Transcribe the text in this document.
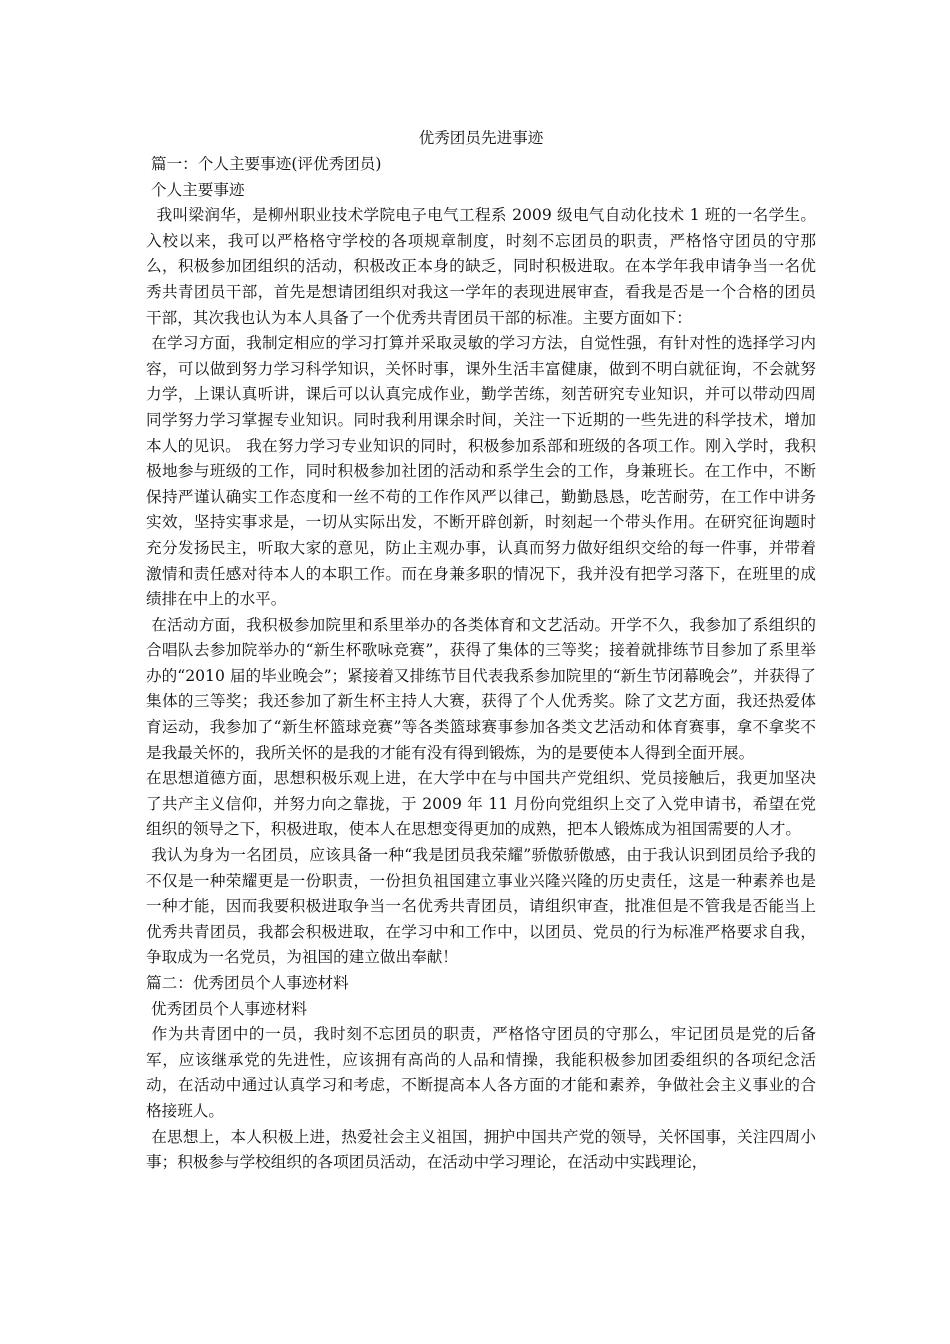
优秀团员先进事迹

篇一：个人主要事迹(评优秀团员)

个人主要事迹

我叫梁润华，是柳州职业技术学院电子电气工程系 2009 级电气自动化技术 1 班的一名学生。入校以来，我可以严格格守学校的各项规章制度，时刻不忘团员的职责，严格恪守团员的守那么，积极参加团组织的活动，积极改正本身的缺乏，同时积极进取。在本学年我申请争当一名优秀共青团员干部，首先是想请团组织对我这一学年的表现进展审查，看我是否是一个合格的团员干部，其次我也认为本人具备了一个优秀共青团员干部的标准。主要方面如下：

在学习方面，我制定相应的学习打算并采取灵敏的学习方法，自觉性强，有针对性的选择学习内容，可以做到努力学习科学知识，关怀时事，课外生活丰富健康，做到不明白就征询，不会就努力学，上课认真听讲，课后可以认真完成作业，勤学苦练，刻苦研究专业知识，并可以带动四周同学努力学习掌握专业知识。同时我利用课余时间，关注一下近期的一些先进的科学技术，增加本人的见识。 我在努力学习专业知识的同时，积极参加系部和班级的各项工作。刚入学时，我积极地参与班级的工作，同时积极参加社团的活动和系学生会的工作，身兼班长。在工作中，不断保持严谨认确实工作态度和一丝不苟的工作作风严以律己，勤勤恳恳，吃苦耐劳，在工作中讲务实效，坚持实事求是，一切从实际出发，不断开辟创新，时刻起一个带头作用。在研究征询题时充分发扬民主，听取大家的意见，防止主观办事，认真而努力做好组织交给的每一件事，并带着激情和责任感对待本人的本职工作。而在身兼多职的情况下，我并没有把学习落下，在班里的成绩排在中上的水平。

在活动方面，我积极参加院里和系里举办的各类体育和文艺活动。开学不久，我参加了系组织的合唱队去参加院举办的“新生杯歌咏竞赛”，获得了集体的三等奖；接着就排练节目参加了系里举办的“2010 届的毕业晚会”；紧接着又排练节目代表我系参加院里的“新生节闭幕晚会”，并获得了集体的三等奖；我还参加了新生杯主持人大赛，获得了个人优秀奖。除了文艺方面，我还热爱体育运动，我参加了“新生杯篮球竞赛”等各类篮球赛事参加各类文艺活动和体育赛事，拿不拿奖不是我最关怀的，我所关怀的是我的才能有没有得到锻炼，为的是要使本人得到全面开展。

在思想道德方面，思想积极乐观上进，在大学中在与中国共产党组织、党员接触后，我更加坚决了共产主义信仰，并努力向之靠拢，于 2009 年 11 月份向党组织上交了入党申请书，希望在党组织的领导之下，积极进取，使本人在思想变得更加的成熟，把本人锻炼成为祖国需要的人才。

我认为身为一名团员，应该具备一种“我是团员我荣耀”骄傲骄傲感，由于我认识到团员给予我的不仅是一种荣耀更是一份职责，一份担负祖国建立事业兴隆兴隆的历史责任，这是一种素养也是一种才能，因而我要积极进取争当一名优秀共青团员，请组织审查，批准但是不管我是否能当上优秀共青团员，我都会积极进取，在学习中和工作中，以团员、党员的行为标准严格要求自我，争取成为一名党员，为祖国的建立做出奉献！

篇二：优秀团员个人事迹材料

优秀团员个人事迹材料

作为共青团中的一员，我时刻不忘团员的职责，严格恪守团员的守那么，牢记团员是党的后备军，应该继承党的先进性，应该拥有高尚的人品和情操，我能积极参加团委组织的各项纪念活动，在活动中通过认真学习和考虑，不断提高本人各方面的才能和素养，争做社会主义事业的合格接班人。

在思想上，本人积极上进，热爱社会主义祖国，拥护中国共产党的领导，关怀国事，关注四周小事；积极参与学校组织的各项团员活动，在活动中学习理论，在活动中实践理论，
